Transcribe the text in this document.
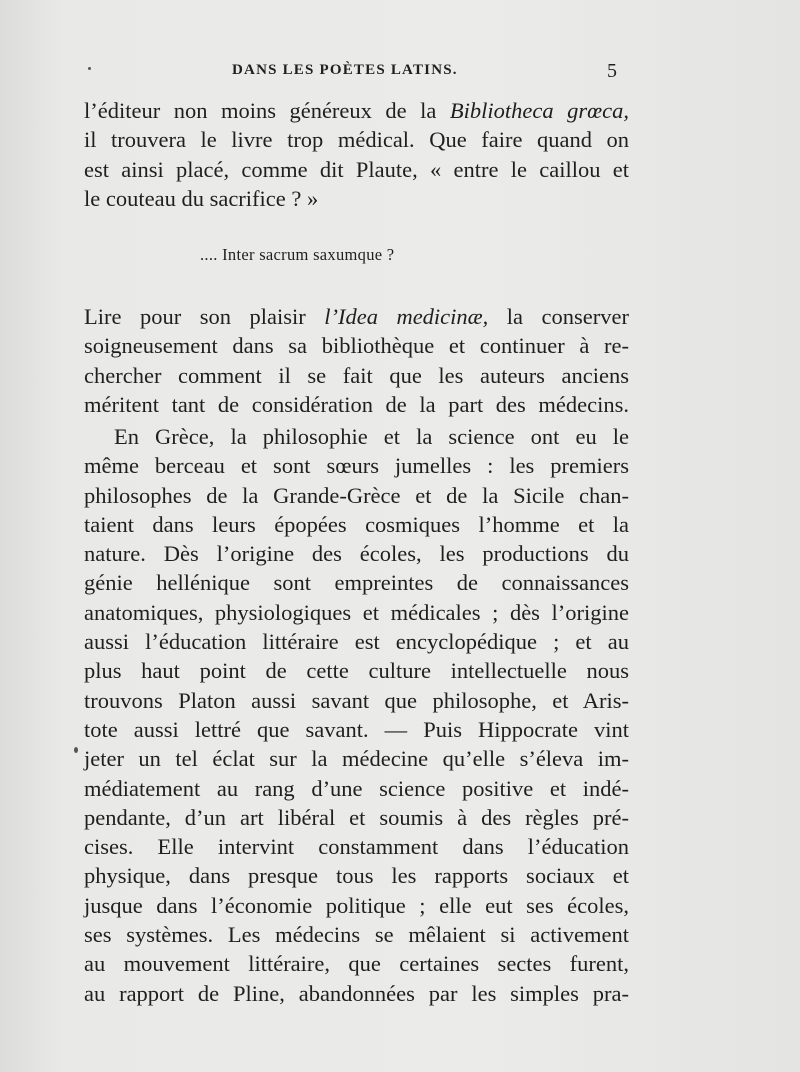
DANS LES POÈTES LATINS.	5
l’éditeur non moins généreux de la Bibliotheca grœca,
il trouvera le livre trop médical. Que faire quand on
est ainsi placé, comme dit Plaute, « entre le caillou et
le couteau du sacrifice ? »
.... Inter sacrum saxumque ?
Lire pour son plaisir l’Idea medicinæ, la conserver
soigneusement dans sa bibliothèque et continuer à re-
chercher comment il se fait que les auteurs anciens
méritent tant de considération de la part des médecins.
En Grèce, la philosophie et la science ont eu le
même berceau et sont sœurs jumelles : les premiers
philosophes de la Grande-Grèce et de la Sicile chan-
taient dans leurs épopées cosmiques l’homme et la
nature. Dès l’origine des écoles, les productions du
génie hellénique sont empreintes de connaissances
anatomiques, physiologiques et médicales ; dès l’origine
aussi l’éducation littéraire est encyclopédique ; et au
plus haut point de cette culture intellectuelle nous
trouvons Platon aussi savant que philosophe, et Aris-
tote aussi lettré que savant. — Puis Hippocrate vint
jeter un tel éclat sur la médecine qu’elle s’éleva im-
médiatement au rang d’une science positive et indé-
pendante, d’un art libéral et soumis à des règles pré-
cises. Elle intervint constamment dans l’éducation
physique, dans presque tous les rapports sociaux et
jusque dans l’économie politique ; elle eut ses écoles,
ses systèmes. Les médecins se mêlaient si activement
au mouvement littéraire, que certaines sectes furent,
au rapport de Pline, abandonnées par les simples pra-
